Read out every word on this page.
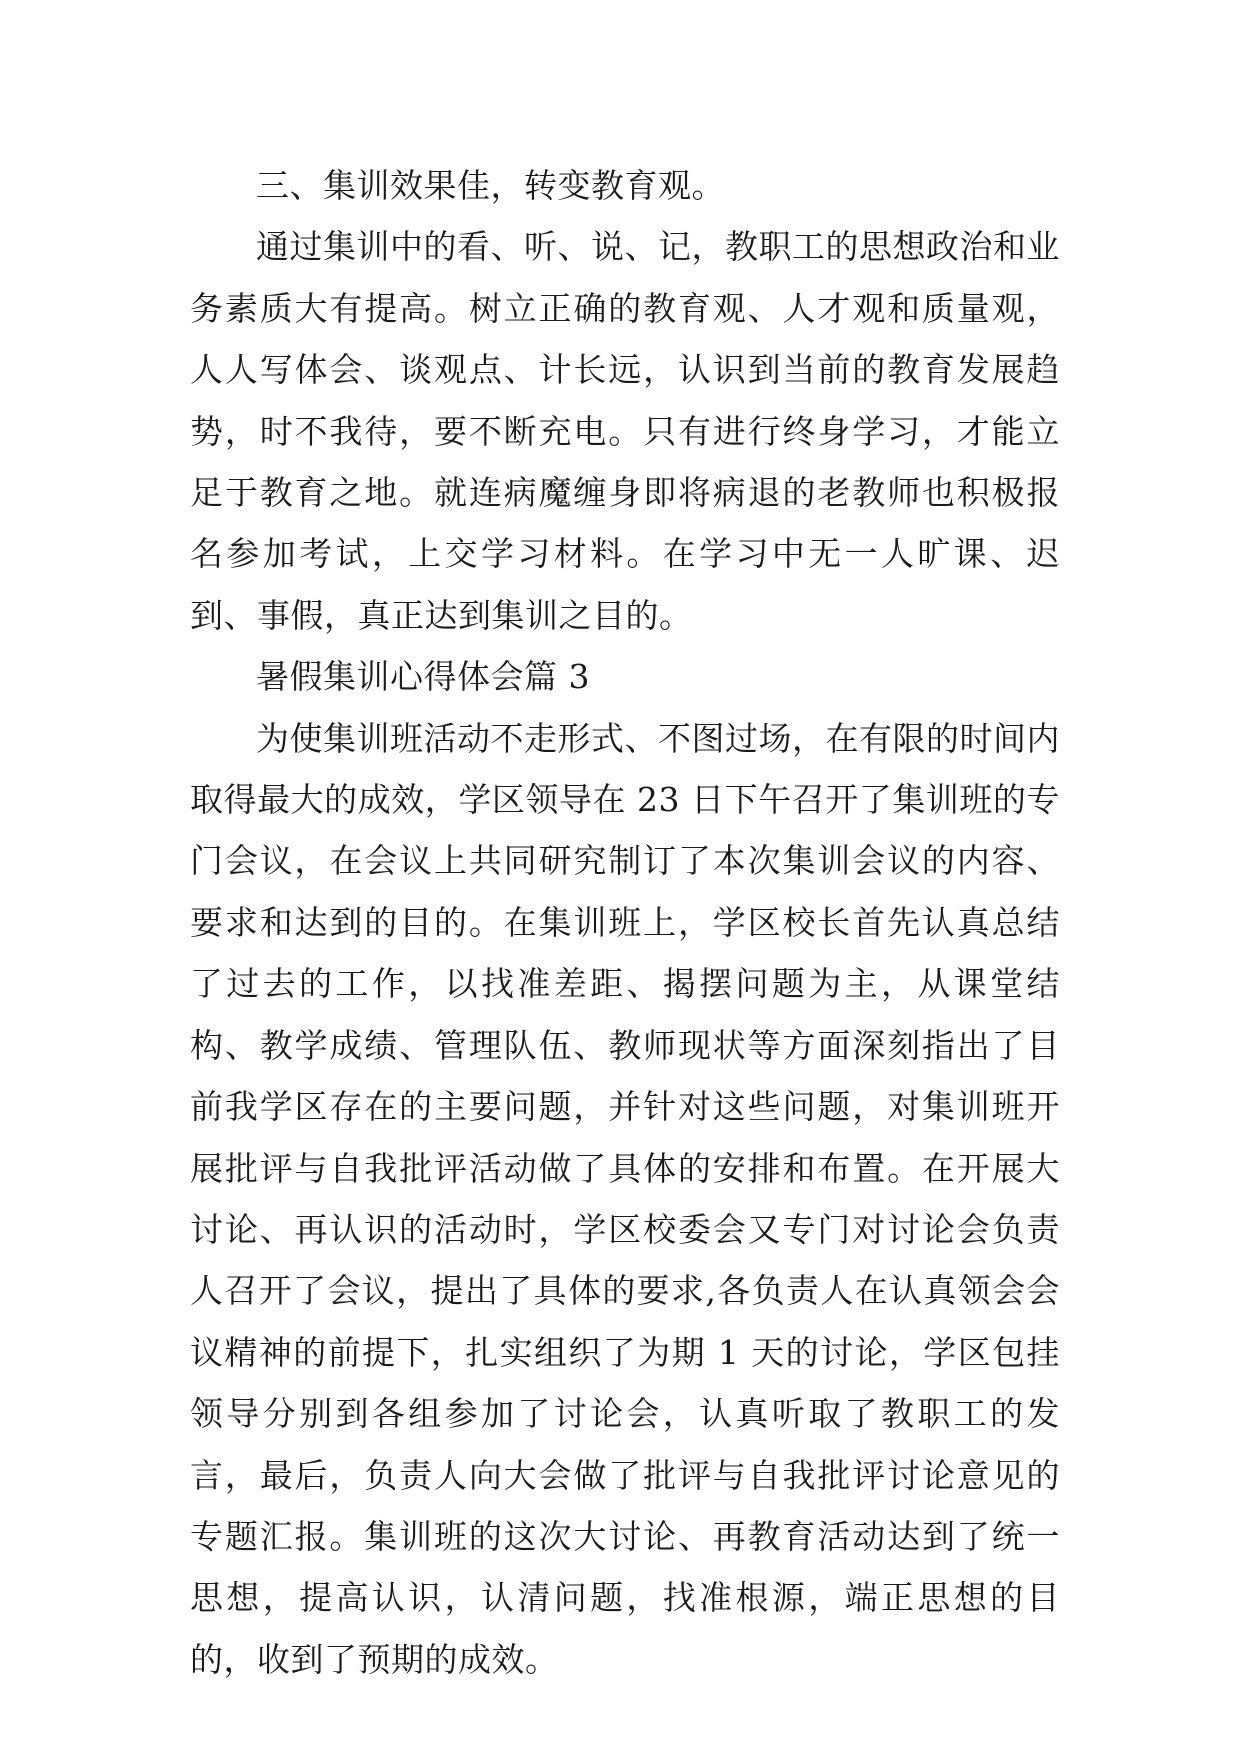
三、集训效果佳，转变教育观。

通过集训中的看、听、说、记，教职工的思想政治和业务素质大有提高。树立正确的教育观、人才观和质量观，人人写体会、谈观点、计长远，认识到当前的教育发展趋势，时不我待，要不断充电。只有进行终身学习，才能立足于教育之地。就连病魔缠身即将病退的老教师也积极报名参加考试，上交学习材料。在学习中无一人旷课、迟到、事假，真正达到集训之目的。

暑假集训心得体会篇 3

为使集训班活动不走形式、不图过场，在有限的时间内取得最大的成效，学区领导在 23 日下午召开了集训班的专门会议，在会议上共同研究制订了本次集训会议的内容、要求和达到的目的。在集训班上，学区校长首先认真总结了过去的工作，以找准差距、揭摆问题为主，从课堂结构、教学成绩、管理队伍、教师现状等方面深刻指出了目前我学区存在的主要问题，并针对这些问题，对集训班开展批评与自我批评活动做了具体的安排和布置。在开展大讨论、再认识的活动时，学区校委会又专门对讨论会负责人召开了会议，提出了具体的要求,各负责人在认真领会会议精神的前提下，扎实组织了为期 1 天的讨论，学区包挂领导分别到各组参加了讨论会，认真听取了教职工的发言，最后，负责人向大会做了批评与自我批评讨论意见的专题汇报。集训班的这次大讨论、再教育活动达到了统一思想，提高认识，认清问题，找准根源，端正思想的目的，收到了预期的成效。
